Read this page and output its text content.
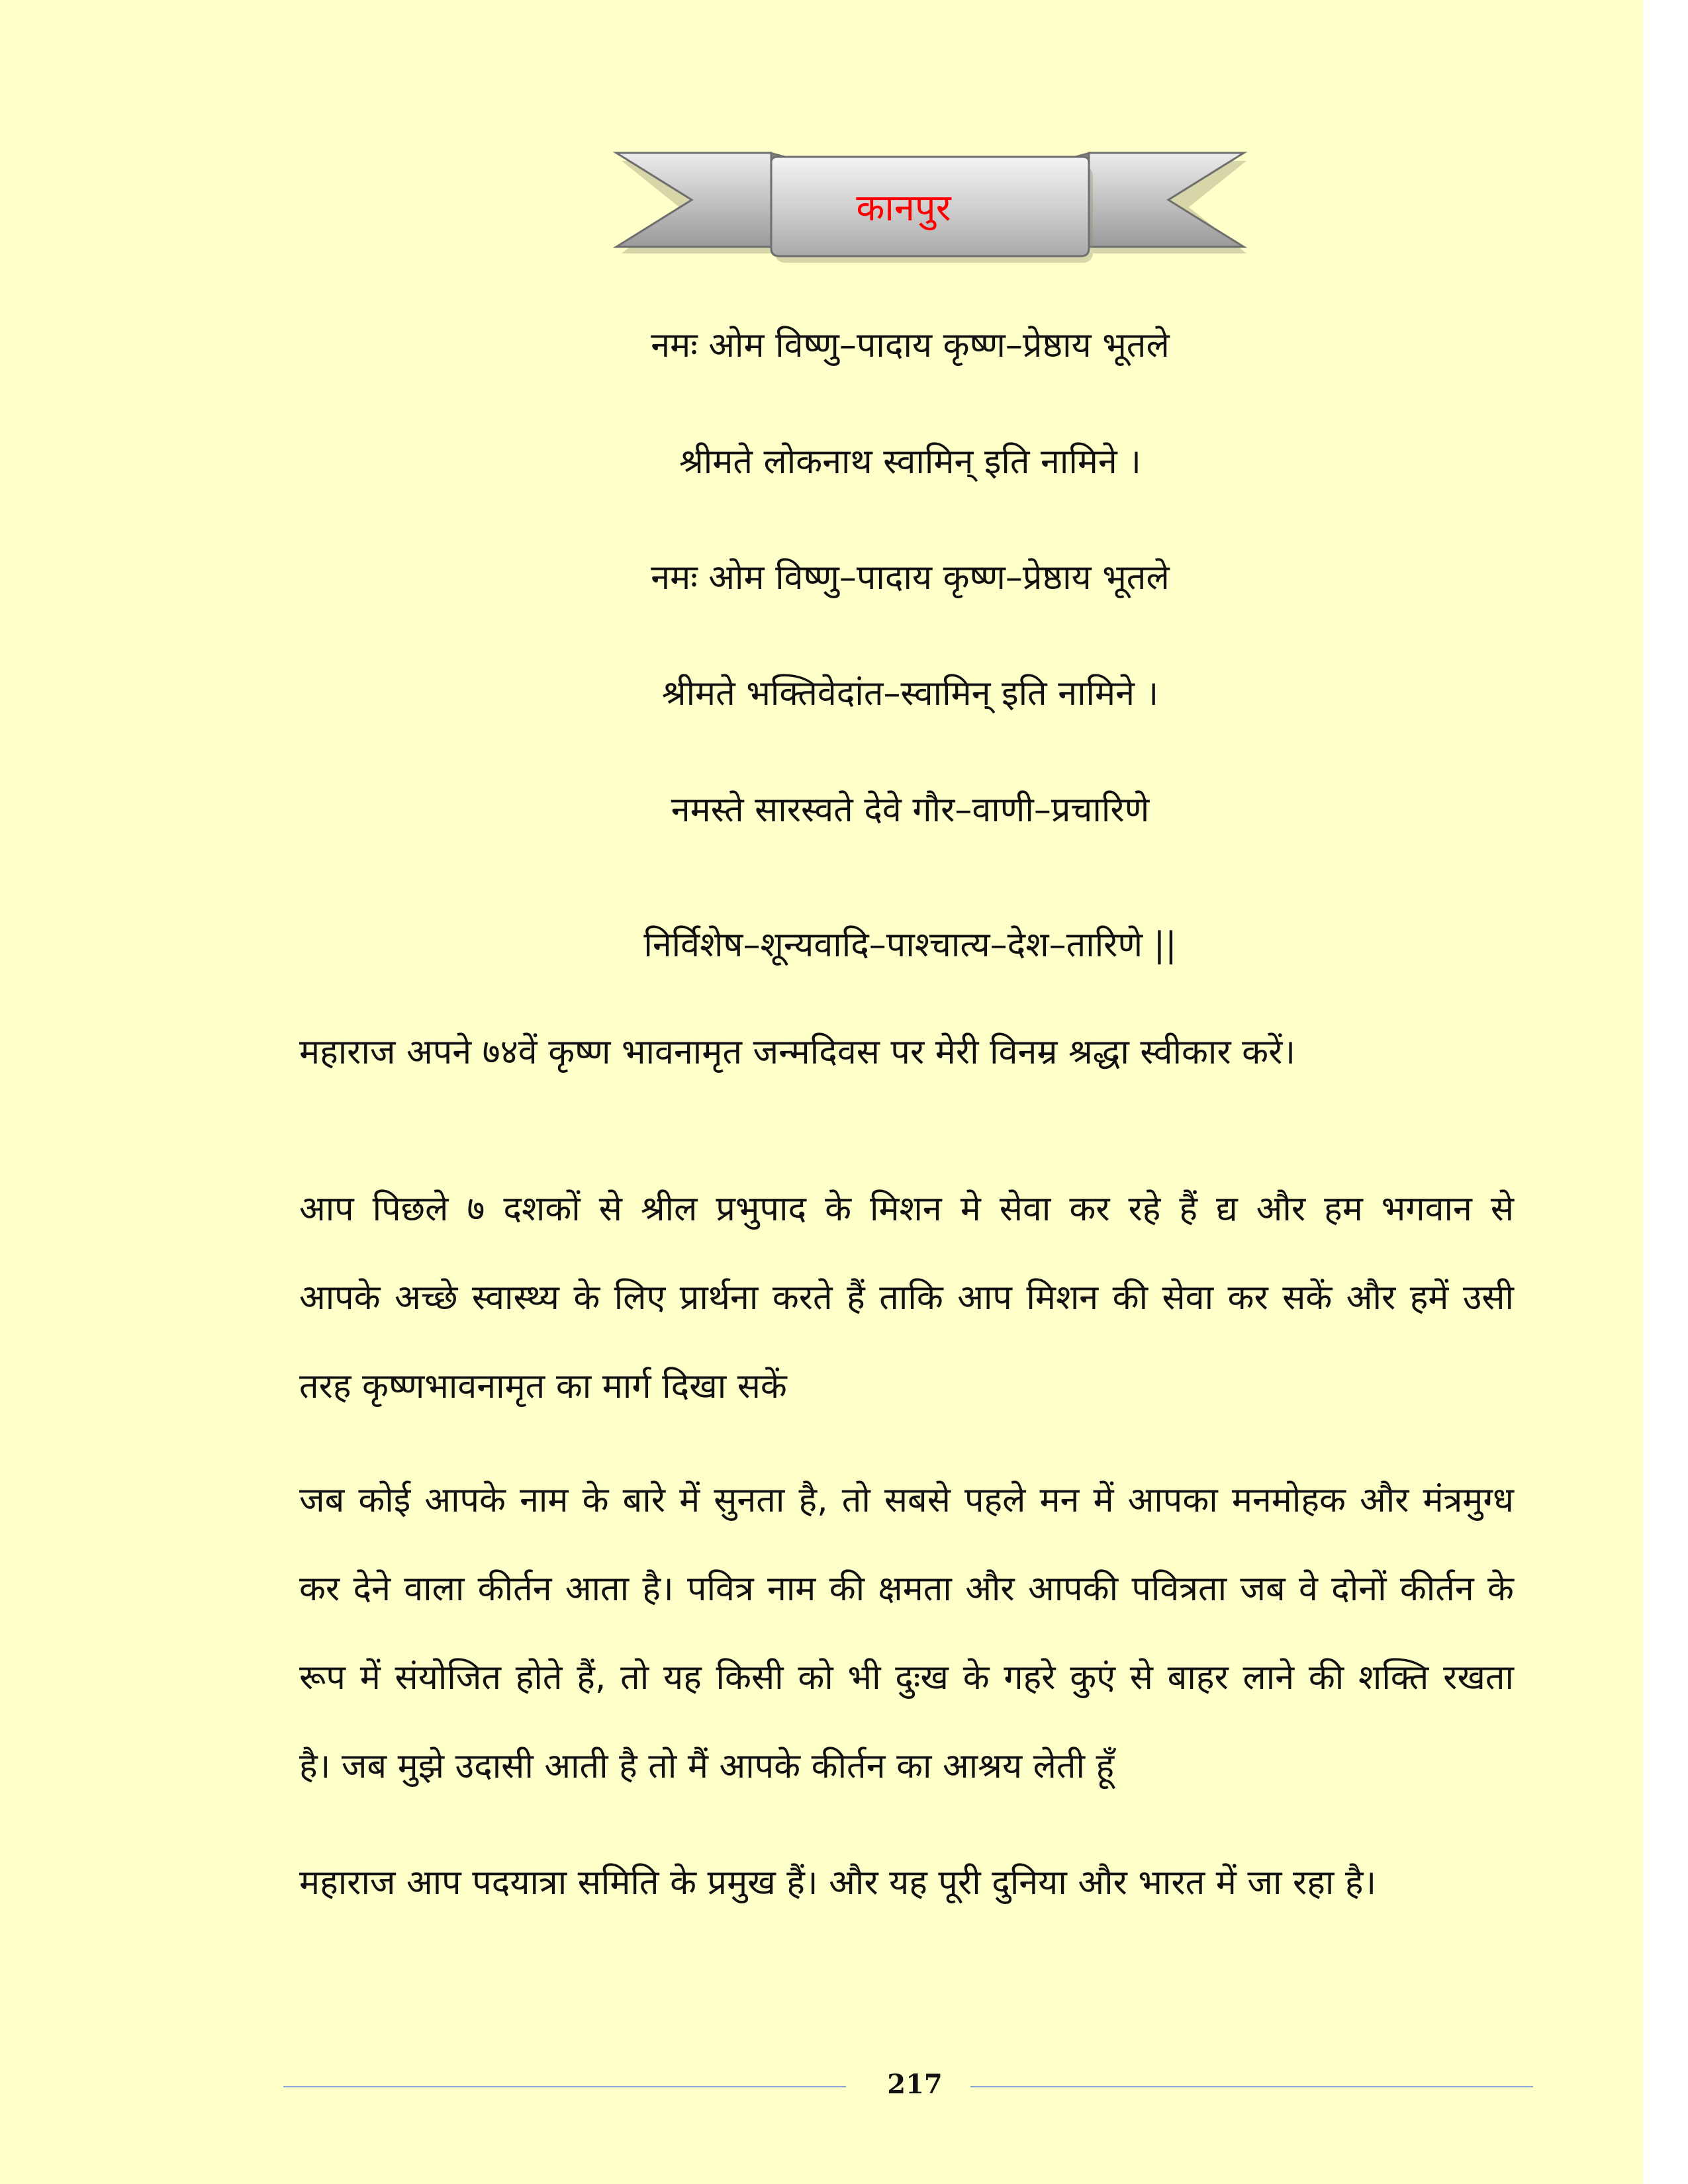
कानपुर
नमः ओम विष्णु–पादाय कृष्ण–प्रेष्ठाय भूतले
श्रीमते लोकनाथ स्वामिन् इति नामिने ।
नमः ओम विष्णु–पादाय कृष्ण–प्रेष्ठाय भूतले
श्रीमते भक्तिवेदांत–स्वामिन् इति नामिने ।
नमस्ते सारस्वते देवे गौर–वाणी–प्रचारिणे
निर्विशेष–शून्यवादि–पाश्चात्य–देश–तारिणे ||
महाराज अपने ७४वें कृष्ण भावनामृत जन्मदिवस पर मेरी विनम्र श्रद्धा स्वीकार करें।
आप पिछले ७ दशकों से श्रील प्रभुपाद के मिशन मे सेवा कर रहे हैं द्य और हम भगवान से
आपके अच्छे स्वास्थ्य के लिए प्रार्थना करते हैं ताकि आप मिशन की सेवा कर सकें और हमें उसी
तरह कृष्णभावनामृत का मार्ग दिखा सकें
जब कोई आपके नाम के बारे में सुनता है, तो सबसे पहले मन में आपका मनमोहक और मंत्रमुग्ध
कर देने वाला कीर्तन आता है। पवित्र नाम की क्षमता और आपकी पवित्रता जब वे दोनों कीर्तन के
रूप में संयोजित होते हैं, तो यह किसी को भी दुःख के गहरे कुएं से बाहर लाने की शक्ति रखता
है। जब मुझे उदासी आती है तो मैं आपके कीर्तन का आश्रय लेती हूँ
महाराज आप पदयात्रा समिति के प्रमुख हैं। और यह पूरी दुनिया और भारत में जा रहा है।
217
